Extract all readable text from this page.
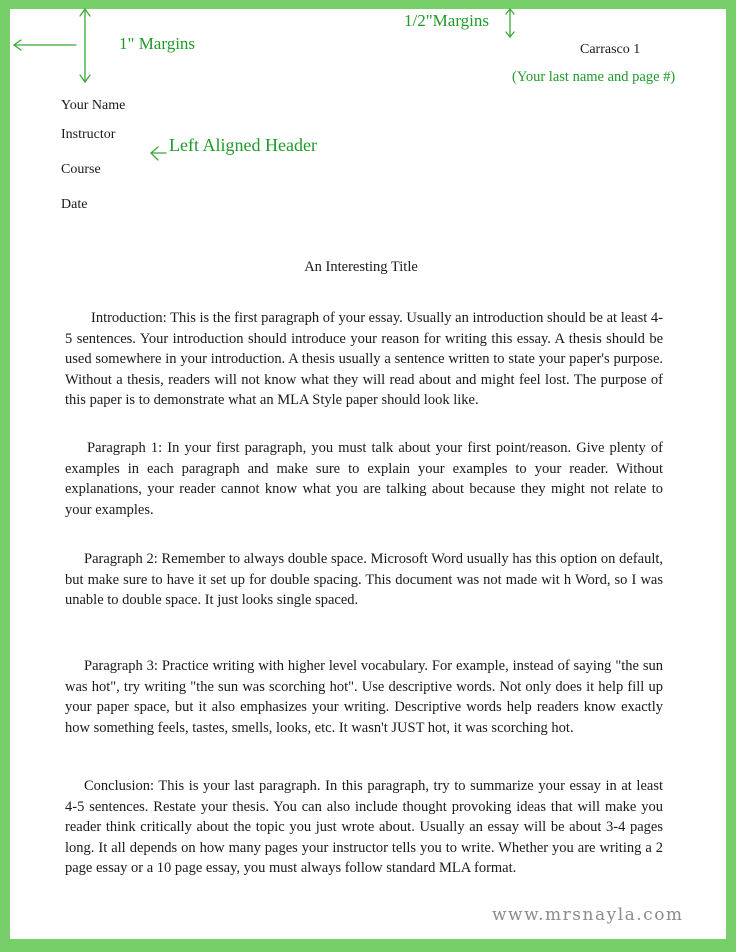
1" Margins
1/2"Margins
(Your last name and page #)
Left Aligned Header
Carrasco 1
Your Name
Instructor
Course
Date
An Interesting Title

Introduction: This is the first paragraph of your essay. Usually an introduction should be at least 4-5 sentences. Your introduction should introduce your reason for writing this essay. A thesis should be used somewhere in your introduction. A thesis usually a sentence written to state your paper's purpose. Without a thesis, readers will not know what they will read about and might feel lost. The purpose of this paper is to demonstrate what an MLA Style paper should look like.

Paragraph 1: In your first paragraph, you must talk about your first point/reason. Give plenty of examples in each paragraph and make sure to explain your examples to your reader. Without explanations, your reader cannot know what you are talking about because they might not relate to your examples.

Paragraph 2: Remember to always double space. Microsoft Word usually has this option on default, but make sure to have it set up for double spacing. This document was not made wit h Word, so I was unable to double space. It just looks single spaced.

Paragraph 3: Practice writing with higher level vocabulary. For example, instead of saying "the sun was hot", try writing "the sun was scorching hot". Use descriptive words. Not only does it help fill up your paper space, but it also emphasizes your writing. Descriptive words help readers know exactly how something feels, tastes, smells, looks, etc. It wasn't JUST hot, it was scorching hot.

Conclusion: This is your last paragraph. In this paragraph, try to summarize your essay in at least 4-5 sentences. Restate your thesis. You can also include thought provoking ideas that will make you reader think critically about the topic you just wrote about. Usually an essay will be about 3-4 pages long. It all depends on how many pages your instructor tells you to write. Whether you are writing a 2 page essay or a 10 page essay, you must always follow standard MLA format.

www.mrsnayla.com
